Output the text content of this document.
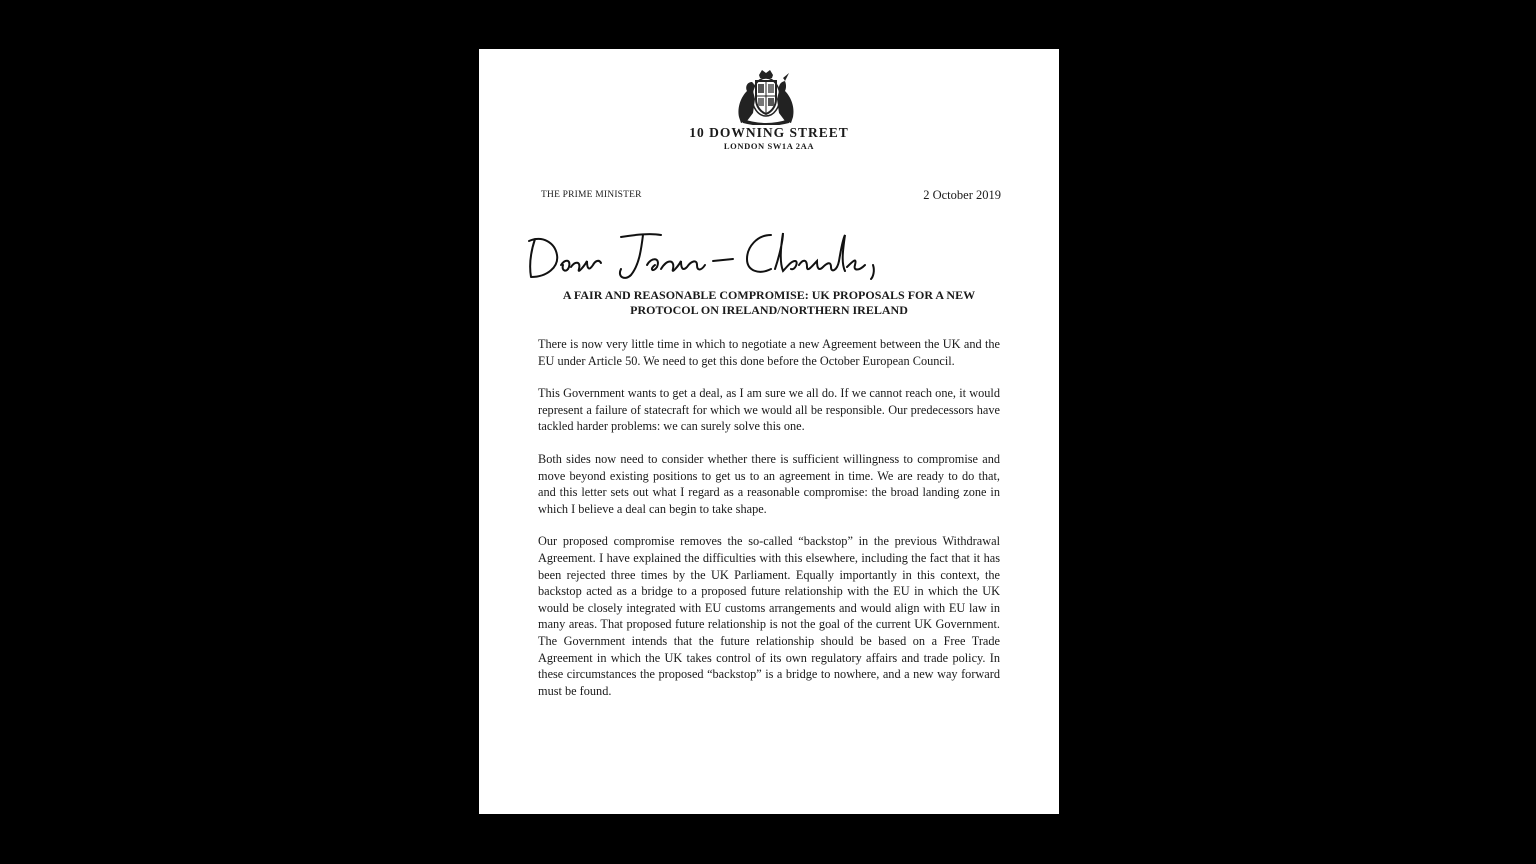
10 DOWNING STREET
LONDON SW1A 2AA
THE PRIME MINISTER	2 October 2019
A FAIR AND REASONABLE COMPROMISE: UK PROPOSALS FOR A NEW
PROTOCOL ON IRELAND/NORTHERN IRELAND

There is now very little time in which to negotiate a new Agreement between the UK and the EU under Article 50. We need to get this done before the October European Council.

This Government wants to get a deal, as I am sure we all do. If we cannot reach one, it would represent a failure of statecraft for which we would all be responsible. Our predecessors have tackled harder problems: we can surely solve this one.

Both sides now need to consider whether there is sufficient willingness to compromise and move beyond existing positions to get us to an agreement in time. We are ready to do that, and this letter sets out what I regard as a reasonable compromise: the broad landing zone in which I believe a deal can begin to take shape.

Our proposed compromise removes the so-called “backstop” in the previous Withdrawal Agreement. I have explained the difficulties with this elsewhere, including the fact that it has been rejected three times by the UK Parliament. Equally importantly in this context, the backstop acted as a bridge to a proposed future relationship with the EU in which the UK would be closely integrated with EU customs arrangements and would align with EU law in many areas. That proposed future relationship is not the goal of the current UK Government. The Government intends that the future relationship should be based on a Free Trade Agreement in which the UK takes control of its own regulatory affairs and trade policy. In these circumstances the proposed “backstop” is a bridge to nowhere, and a new way forward must be found.
